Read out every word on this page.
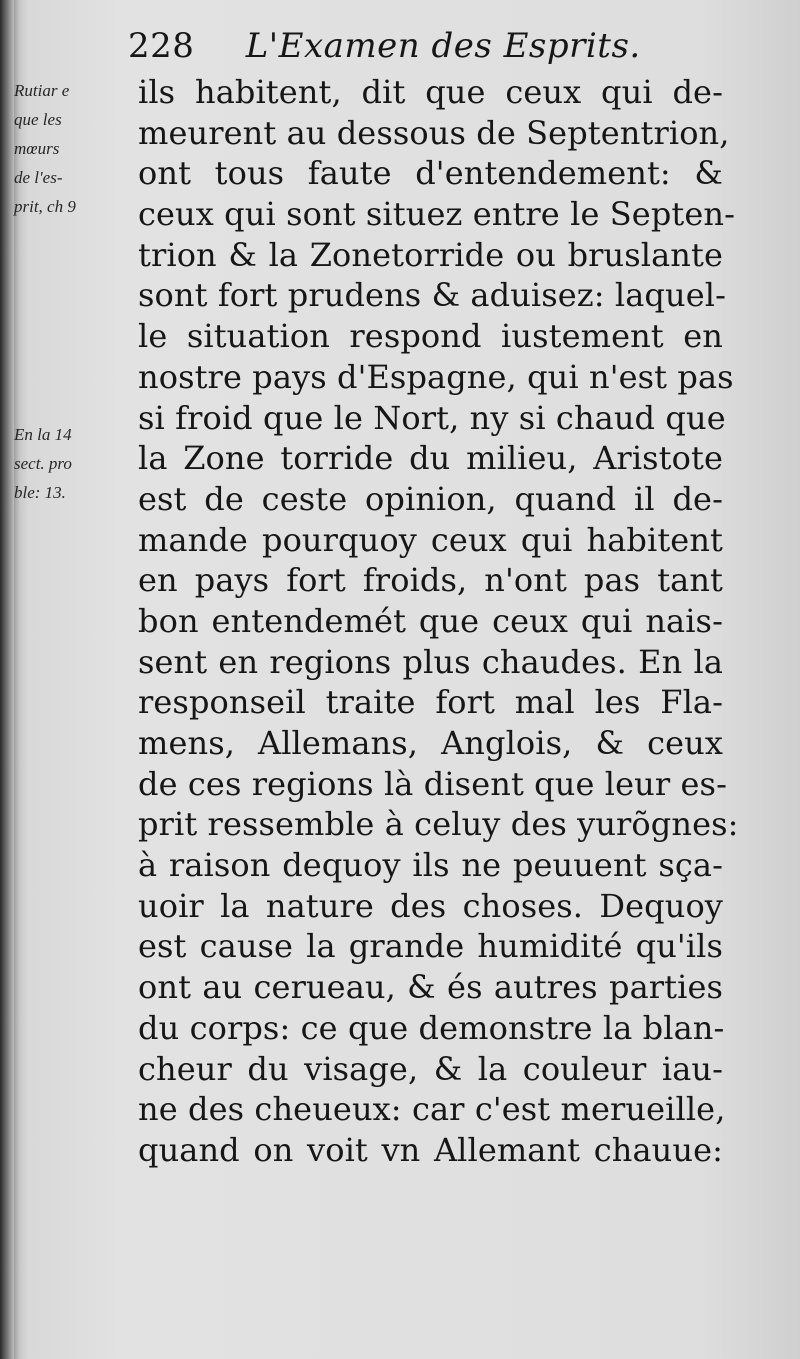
228 L'Examen des Esprits.
Rutiar e
que les
mœurs
de l'es-
prit, ch 9
En la 14
sect. pro
ble: 13.
ils habitent, dit que ceux qui de-
meurent au dessous de Septentrion,
ont tous faute d'entendement: &
ceux qui sont situez entre le Septen-
trion & la Zonetorride ou bruslante
sont fort prudens & aduisez: laquel-
le situation respond iustement en
nostre pays d'Espagne, qui n'est pas
si froid que le Nort, ny si chaud que
la Zone torride du milieu, Aristote
est de ceste opinion, quand il de-
mande pourquoy ceux qui habitent
en pays fort froids, n'ont pas tant
bon entendemét que ceux qui nais-
sent en regions plus chaudes. En la
responseil traite fort mal les Fla-
mens, Allemans, Anglois, & ceux
de ces regions là disent que leur es-
prit ressemble à celuy des yurõgnes:
à raison dequoy ils ne peuuent sça-
uoir la nature des choses. Dequoy
est cause la grande humidité qu'ils
ont au cerueau, & és autres parties
du corps: ce que demonstre la blan-
cheur du visage, & la couleur iau-
ne des cheueux: car c'est merueille,
quand on voit vn Allemant chauue:
